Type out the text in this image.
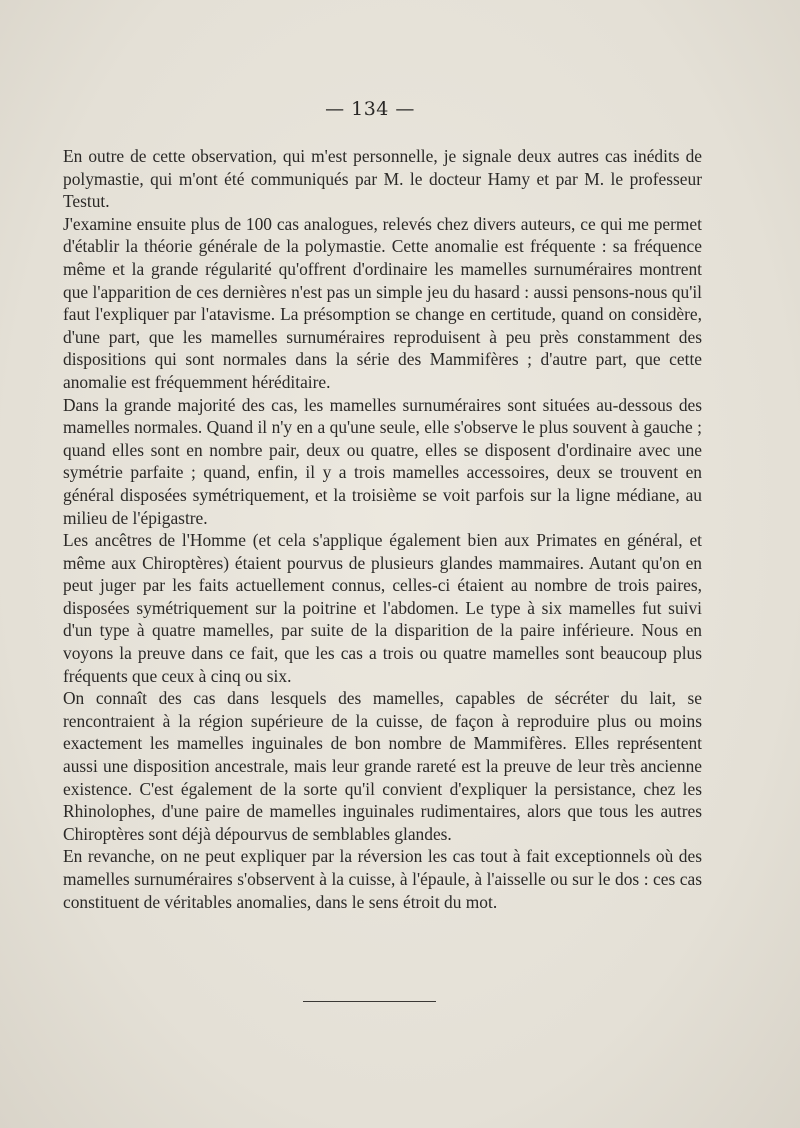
— 134 —

En outre de cette observation, qui m'est personnelle, je signale deux autres cas inédits de polymastie, qui m'ont été communiqués par M. le docteur Hamy et par M. le professeur Testut.

J'examine ensuite plus de 100 cas analogues, relevés chez divers auteurs, ce qui me permet d'établir la théorie générale de la polymastie. Cette anomalie est fréquente : sa fréquence même et la grande régularité qu'offrent d'ordinaire les mamelles surnuméraires montrent que l'apparition de ces dernières n'est pas un simple jeu du hasard : aussi pensons-nous qu'il faut l'expliquer par l'atavisme. La présomption se change en certitude, quand on considère, d'une part, que les mamelles surnuméraires reproduisent à peu près constamment des dispositions qui sont normales dans la série des Mammifères ; d'autre part, que cette anomalie est fréquemment héréditaire.

Dans la grande majorité des cas, les mamelles surnuméraires sont situées au-dessous des mamelles normales. Quand il n'y en a qu'une seule, elle s'observe le plus souvent à gauche ; quand elles sont en nombre pair, deux ou quatre, elles se disposent d'ordinaire avec une symétrie parfaite ; quand, enfin, il y a trois mamelles accessoires, deux se trouvent en général disposées symétriquement, et la troisième se voit parfois sur la ligne médiane, au milieu de l'épigastre.

Les ancêtres de l'Homme (et cela s'applique également bien aux Primates en général, et même aux Chiroptères) étaient pourvus de plusieurs glandes mammaires. Autant qu'on en peut juger par les faits actuellement connus, celles-ci étaient au nombre de trois paires, disposées symétriquement sur la poitrine et l'abdomen. Le type à six mamelles fut suivi d'un type à quatre mamelles, par suite de la disparition de la paire inférieure. Nous en voyons la preuve dans ce fait, que les cas a trois ou quatre mamelles sont beaucoup plus fréquents que ceux à cinq ou six.

On connaît des cas dans lesquels des mamelles, capables de sécréter du lait, se rencontraient à la région supérieure de la cuisse, de façon à reproduire plus ou moins exactement les mamelles inguinales de bon nombre de Mammifères. Elles représentent aussi une disposition ancestrale, mais leur grande rareté est la preuve de leur très ancienne existence. C'est également de la sorte qu'il convient d'expliquer la persistance, chez les Rhinolophes, d'une paire de mamelles inguinales rudimentaires, alors que tous les autres Chiroptères sont déjà dépourvus de semblables glandes.

En revanche, on ne peut expliquer par la réversion les cas tout à fait exceptionnels où des mamelles surnuméraires s'observent à la cuisse, à l'épaule, à l'aisselle ou sur le dos : ces cas constituent de véritables anomalies, dans le sens étroit du mot.
